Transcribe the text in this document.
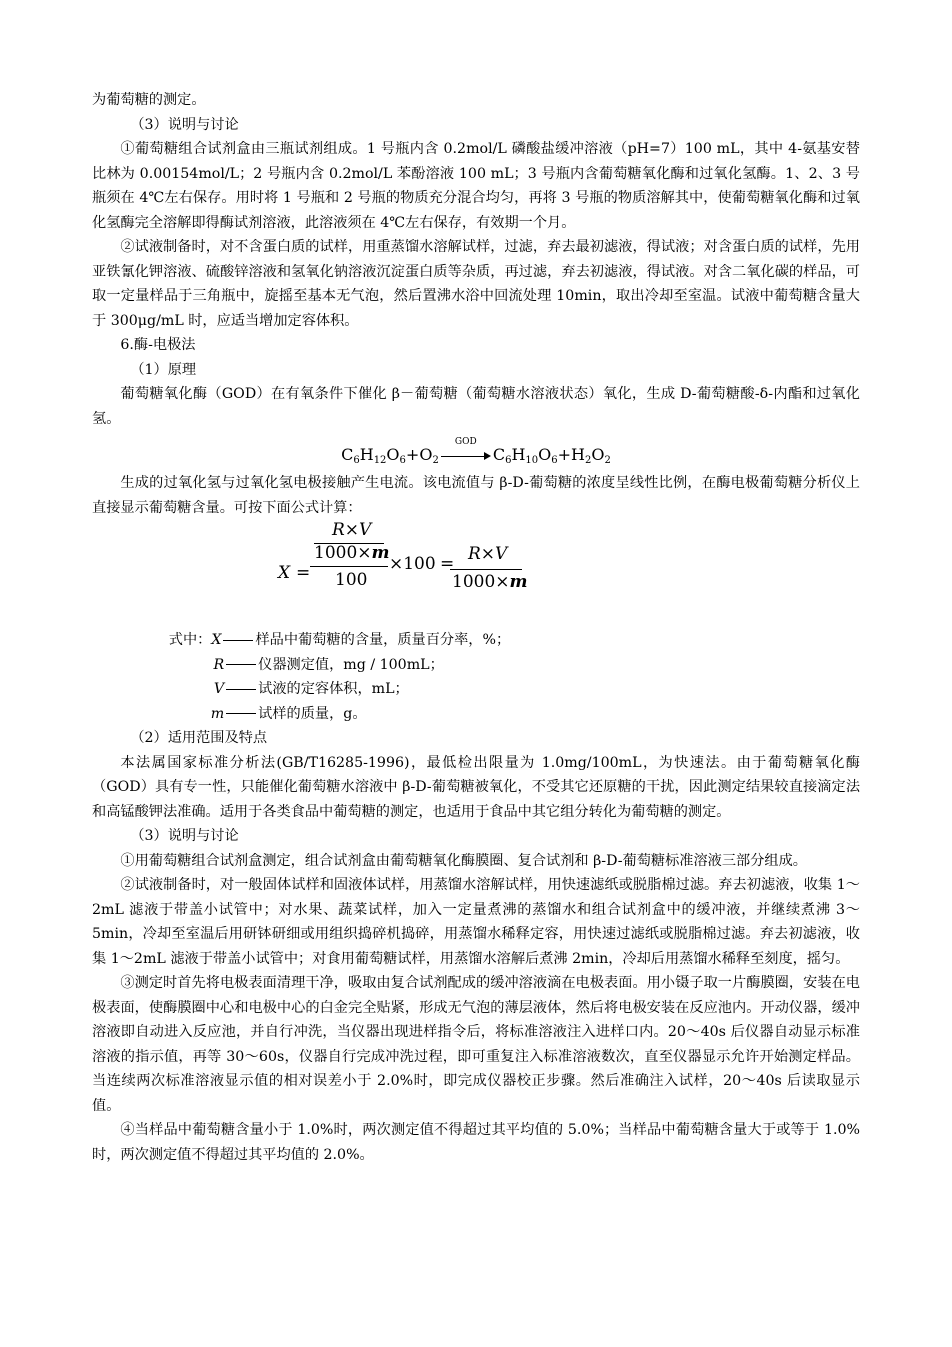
为葡萄糖的测定。

（3）说明与讨论

①葡萄糖组合试剂盒由三瓶试剂组成。1 号瓶内含 0.2mol/L 磷酸盐缓冲溶液（pH=7）100 mL，其中 4-氨基安替比林为 0.00154mol/L；2 号瓶内含 0.2mol/L 苯酚溶液 100 mL；3 号瓶内含葡萄糖氧化酶和过氧化氢酶。1、2、3 号瓶须在 4℃左右保存。用时将 1 号瓶和 2 号瓶的物质充分混合均匀，再将 3 号瓶的物质溶解其中，使葡萄糖氧化酶和过氧化氢酶完全溶解即得酶试剂溶液，此溶液须在 4℃左右保存，有效期一个月。

②试液制备时，对不含蛋白质的试样，用重蒸馏水溶解试样，过滤，弃去最初滤液，得试液；对含蛋白质的试样，先用亚铁氰化钾溶液、硫酸锌溶液和氢氧化钠溶液沉淀蛋白质等杂质，再过滤，弃去初滤液，得试液。对含二氧化碳的样品，可取一定量样品于三角瓶中，旋摇至基本无气泡，然后置沸水浴中回流处理 10min，取出冷却至室温。试液中葡萄糖含量大于 300μg/mL 时，应适当增加定容体积。

6.酶-电极法

（1）原理

葡萄糖氧化酶（GOD）在有氧条件下催化 β－葡萄糖（葡萄糖水溶液状态）氧化，生成 D-葡萄糖酸-δ-内酯和过氧化氢。

$C_6H_{12}O_6+O_2$
GOD
$C_6H_{10}O_6+H_2O_2$

生成的过氧化氢与过氧化氢电极接触产生电流。该电流值与 β-D-葡萄糖的浓度呈线性比例，在酶电极葡萄糖分析仪上直接显示葡萄糖含量。可按下面公式计算：

X =
R×V
1000×m
100
×100 = R×V
1000×m
式中：X 样品中葡萄糖的含量，质量百分率，%；
R 仪器测定值，mg / 100mL；
V 试液的定容体积，mL；
m 试样的质量，g。

（2）适用范围及特点

本法属国家标准分析法(GB/T16285-1996)，最低检出限量为 1.0mg/100mL，为快速法。由于葡萄糖氧化酶（GOD）具有专一性，只能催化葡萄糖水溶液中 β-D-葡萄糖被氧化，不受其它还原糖的干扰，因此测定结果较直接滴定法和高锰酸钾法准确。适用于各类食品中葡萄糖的测定，也适用于食品中其它组分转化为葡萄糖的测定。

（3）说明与讨论

①用葡萄糖组合试剂盒测定，组合试剂盒由葡萄糖氧化酶膜圈、复合试剂和 β-D-葡萄糖标准溶液三部分组成。

②试液制备时，对一般固体试样和固液体试样，用蒸馏水溶解试样，用快速滤纸或脱脂棉过滤。弃去初滤液，收集 1～2mL 滤液于带盖小试管中；对水果、蔬菜试样，加入一定量煮沸的蒸馏水和组合试剂盒中的缓冲液，并继续煮沸 3～5min，冷却至室温后用研钵研细或用组织捣碎机捣碎，用蒸馏水稀释定容，用快速过滤纸或脱脂棉过滤。弃去初滤液，收集 1～2mL 滤液于带盖小试管中；对食用葡萄糖试样，用蒸馏水溶解后煮沸 2min，冷却后用蒸馏水稀释至刻度，摇匀。

③测定时首先将电极表面清理干净，吸取由复合试剂配成的缓冲溶液滴在电极表面。用小镊子取一片酶膜圈，安装在电极表面，使酶膜圈中心和电极中心的白金完全贴紧，形成无气泡的薄层液体，然后将电极安装在反应池内。开动仪器，缓冲溶液即自动进入反应池，并自行冲洗，当仪器出现进样指令后，将标准溶液注入进样口内。20～40s 后仪器自动显示标准溶液的指示值，再等 30～60s，仪器自行完成冲洗过程，即可重复注入标准溶液数次，直至仪器显示允许开始测定样品。当连续两次标准溶液显示值的相对误差小于 2.0%时，即完成仪器校正步骤。然后准确注入试样，20～40s 后读取显示值。

④当样品中葡萄糖含量小于 1.0%时，两次测定值不得超过其平均值的 5.0%；当样品中葡萄糖含量大于或等于 1.0%时，两次测定值不得超过其平均值的 2.0%。
